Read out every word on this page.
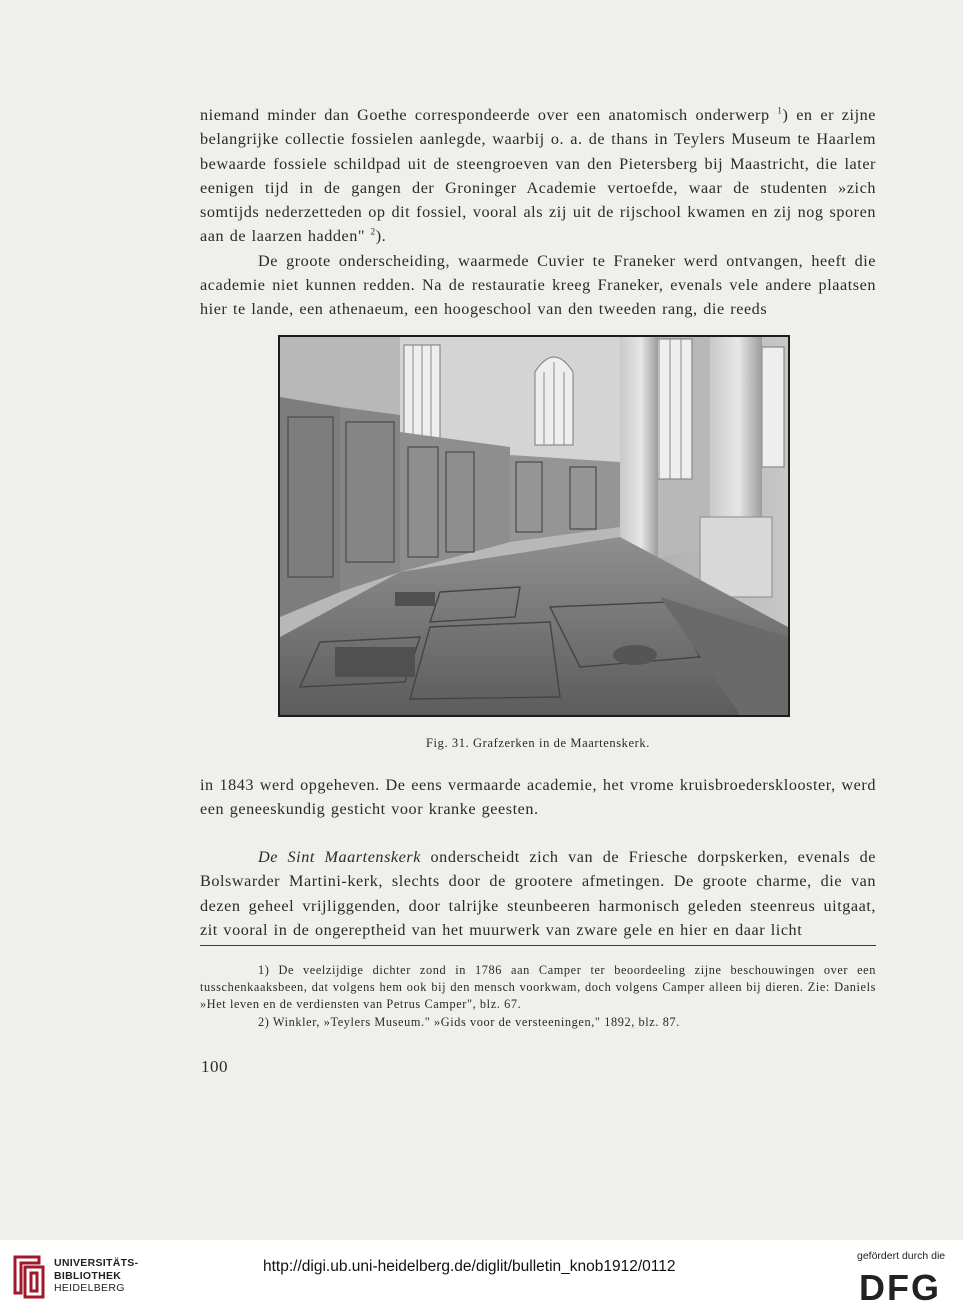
niemand minder dan Goethe correspondeerde over een anatomisch onderwerp $^1$) en er zijne belangrijke collectie fossielen aanlegde, waarbij o. a. de thans in Teylers Museum te Haarlem bewaarde fossiele schildpad uit de steengroeven van den Pietersberg bij Maastricht, die later eenigen tijd in de gangen der Groninger Academie vertoefde, waar de studenten »zich somtijds nederzetteden op dit fossiel, vooral als zij uit de rijschool kwamen en zij nog sporen aan de laarzen hadden" $^2$).

De groote onderscheiding, waarmede Cuvier te Franeker werd ontvangen, heeft die academie niet kunnen redden. Na de restauratie kreeg Franeker, evenals vele andere plaatsen hier te lande, een athenaeum, een hoogeschool van den tweeden rang, die reeds

Fig. 31. Grafzerken in de Maartenskerk.

in 1843 werd opgeheven. De eens vermaarde academie, het vrome kruisbroedersklooster, werd een geneeskundig gesticht voor kranke geesten.

De Sint Maartenskerk onderscheidt zich van de Friesche dorpskerken, evenals de Bolswarder Martini-kerk, slechts door de grootere afmetingen. De groote charme, die van dezen geheel vrijliggenden, door talrijke steunbeeren harmonisch geleden steenreus uitgaat, zit vooral in de ongereptheid van het muurwerk van zware gele en hier en daar licht

1) De veelzijdige dichter zond in 1786 aan Camper ter beoordeeling zijne beschouwingen over een tusschenkaaksbeen, dat volgens hem ook bij den mensch voorkwam, doch volgens Camper alleen bij dieren. Zie: Daniels »Het leven en de verdiensten van Petrus Camper", blz. 67.

2) Winkler, »Teylers Museum." »Gids voor de versteeningen," 1892, blz. 87.

100
UNIVERSITÄTS-
BIBLIOTHEK
HEIDELBERG
http://digi.ub.uni-heidelberg.de/diglit/bulletin_knob1912/0112
gefördert durch die
DFG
